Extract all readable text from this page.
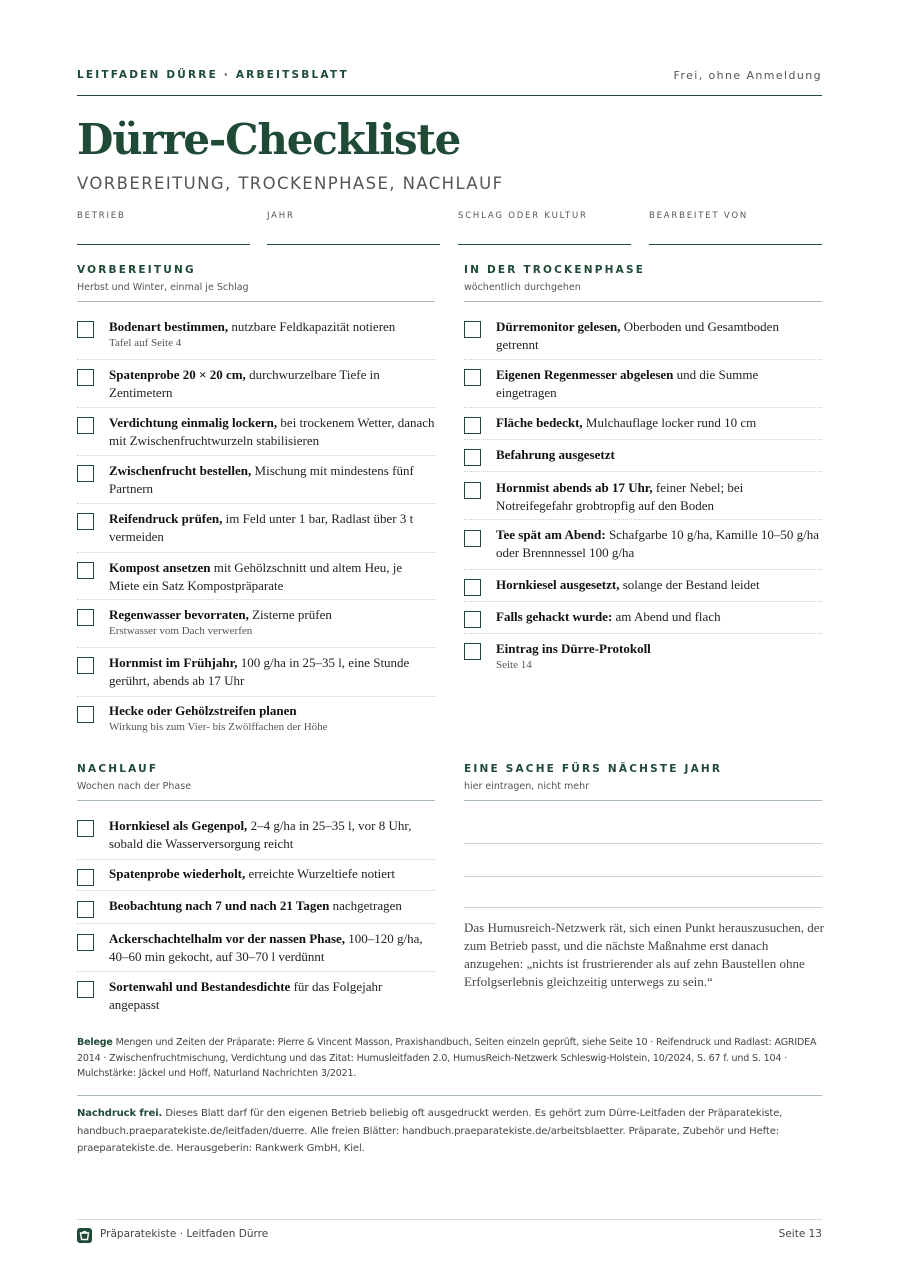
LEITFADEN DÜRRE · ARBEITSBLATT	Frei, ohne Anmeldung
Dürre-Checkliste
VORBEREITUNG, TROCKENPHASE, NACHLAUF
BETRIEB	JAHR	SCHLAG ODER KULTUR	BEARBEITET VON
VORBEREITUNG
Herbst und Winter, einmal je Schlag
IN DER TROCKENPHASE
wöchentlich durchgehen
NACHLAUF
Wochen nach der Phase
EINE SACHE FÜRS NÄCHSTE JAHR
hier eintragen, nicht mehr
Bodenart bestimmen, nutzbare Feldkapazität notieren
Tafel auf Seite 4
Spatenprobe 20 × 20 cm, durchwurzelbare Tiefe in Zentimetern
Verdichtung einmalig lockern, bei trockenem Wetter, danach mit Zwischenfruchtwurzeln stabilisieren
Zwischenfrucht bestellen, Mischung mit mindestens fünf Partnern
Reifendruck prüfen, im Feld unter 1 bar, Radlast über 3 t vermeiden
Kompost ansetzen mit Gehölzschnitt und altem Heu, je Miete ein Satz Kompostpräparate
Regenwasser bevorraten, Zisterne prüfen
Erstwasser vom Dach verwerfen
Hornmist im Frühjahr, 100 g/ha in 25–35 l, eine Stunde gerührt, abends ab 17 Uhr
Hecke oder Gehölzstreifen planen
Wirkung bis zum Vier- bis Zwölffachen der Höhe
Dürremonitor gelesen, Oberboden und Gesamtboden getrennt
Eigenen Regenmesser abgelesen und die Summe eingetragen
Fläche bedeckt, Mulchauflage locker rund 10 cm
Befahrung ausgesetzt
Hornmist abends ab 17 Uhr, feiner Nebel; bei Notreifegefahr grobtropfig auf den Boden
Tee spät am Abend: Schafgarbe 10 g/ha, Kamille 10–50 g/ha oder Brennnessel 100 g/ha
Hornkiesel ausgesetzt, solange der Bestand leidet
Falls gehackt wurde: am Abend und flach
Eintrag ins Dürre-Protokoll
Seite 14
Hornkiesel als Gegenpol, 2–4 g/ha in 25–35 l, vor 8 Uhr, sobald die Wasserversorgung reicht
Spatenprobe wiederholt, erreichte Wurzeltiefe notiert
Beobachtung nach 7 und nach 21 Tagen nachgetragen
Ackerschachtelhalm vor der nassen Phase, 100–120 g/ha, 40–60 min gekocht, auf 30–70 l verdünnt
Sortenwahl und Bestandesdichte für das Folgejahr angepasst
Das Humusreich-Netzwerk rät, sich einen Punkt herauszusuchen, der zum Betrieb passt, und die nächste Maßnahme erst danach anzugehen: „nichts ist frustrierender als auf zehn Baustellen ohne Erfolgserlebnis gleichzeitig unterwegs zu sein.“
Belege Mengen und Zeiten der Präparate: Pierre & Vincent Masson, Praxishandbuch, Seiten einzeln geprüft, siehe Seite 10 · Reifendruck und Radlast: AGRIDEA 2014 · Zwischenfruchtmischung, Verdichtung und das Zitat: Humusleitfaden 2.0, HumusReich-Netzwerk Schleswig-Holstein, 10/2024, S. 67 f. und S. 104 · Mulchstärke: Jäckel und Hoff, Naturland Nachrichten 3/2021.
Nachdruck frei. Dieses Blatt darf für den eigenen Betrieb beliebig oft ausgedruckt werden. Es gehört zum Dürre-Leitfaden der Präparatekiste, handbuch.praeparatekiste.de/leitfaden/duerre. Alle freien Blätter: handbuch.praeparatekiste.de/arbeitsblaetter. Präparate, Zubehör und Hefte: praeparatekiste.de. Herausgeberin: Rankwerk GmbH, Kiel.
Präparatekiste · Leitfaden Dürre	Seite 13
